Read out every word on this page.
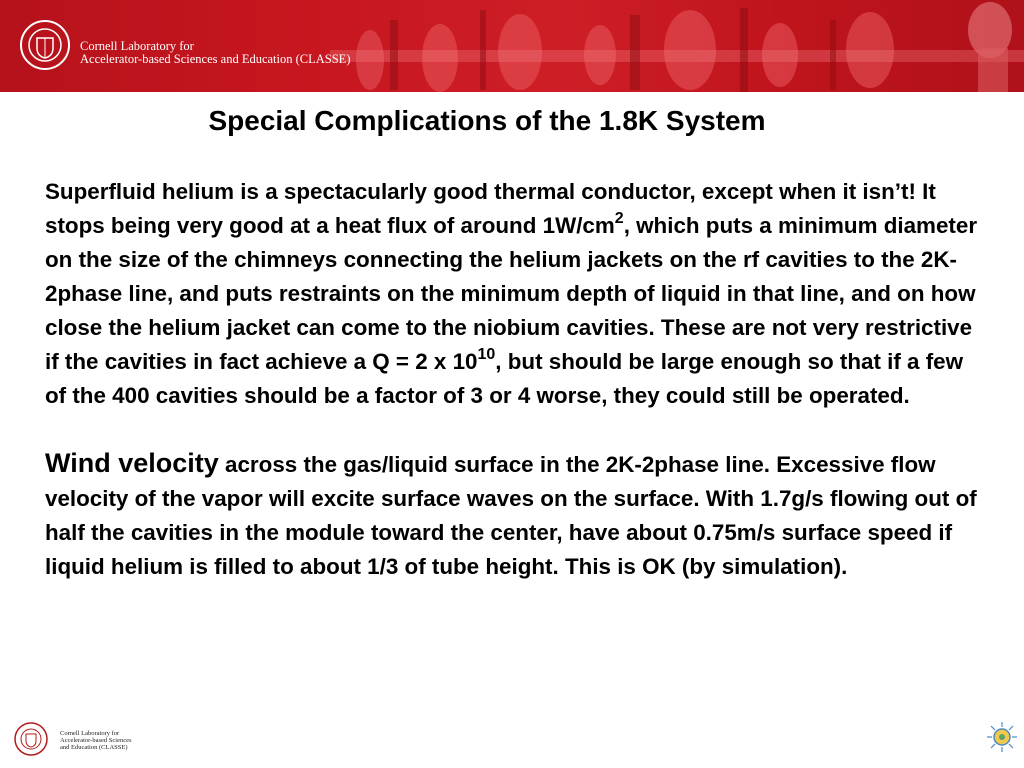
Cornell Laboratory for
Accelerator-based Sciences and Education (CLASSE)
Special Complications of the 1.8K System

Superfluid helium is a spectacularly good thermal conductor, except when it isn’t! It stops being very good at a heat flux of around $1W/cm^2$, which puts a minimum diameter on the size of the chimneys connecting the helium jackets on the rf cavities to the 2K-2phase line, and puts restraints on the minimum depth of liquid in that line, and on how close the helium jacket can come to the niobium cavities. These are not very restrictive if the cavities in fact achieve a Q = 2 x $10^{10}$, but should be large enough so that if a few of the 400 cavities should be a factor of 3 or 4 worse, they could still be operated.

Wind velocity across the gas/liquid surface in the 2K-2phase line. Excessive flow velocity of the vapor will excite surface waves on the surface. With 1.7g/s flowing out of half the cavities in the module toward the center, have about 0.75m/s surface speed if liquid helium is filled to about 1/3 of tube height. This is OK (by simulation).

Cornell Laboratory for
Accelerator-based Sciences
and Education (CLASSE)
